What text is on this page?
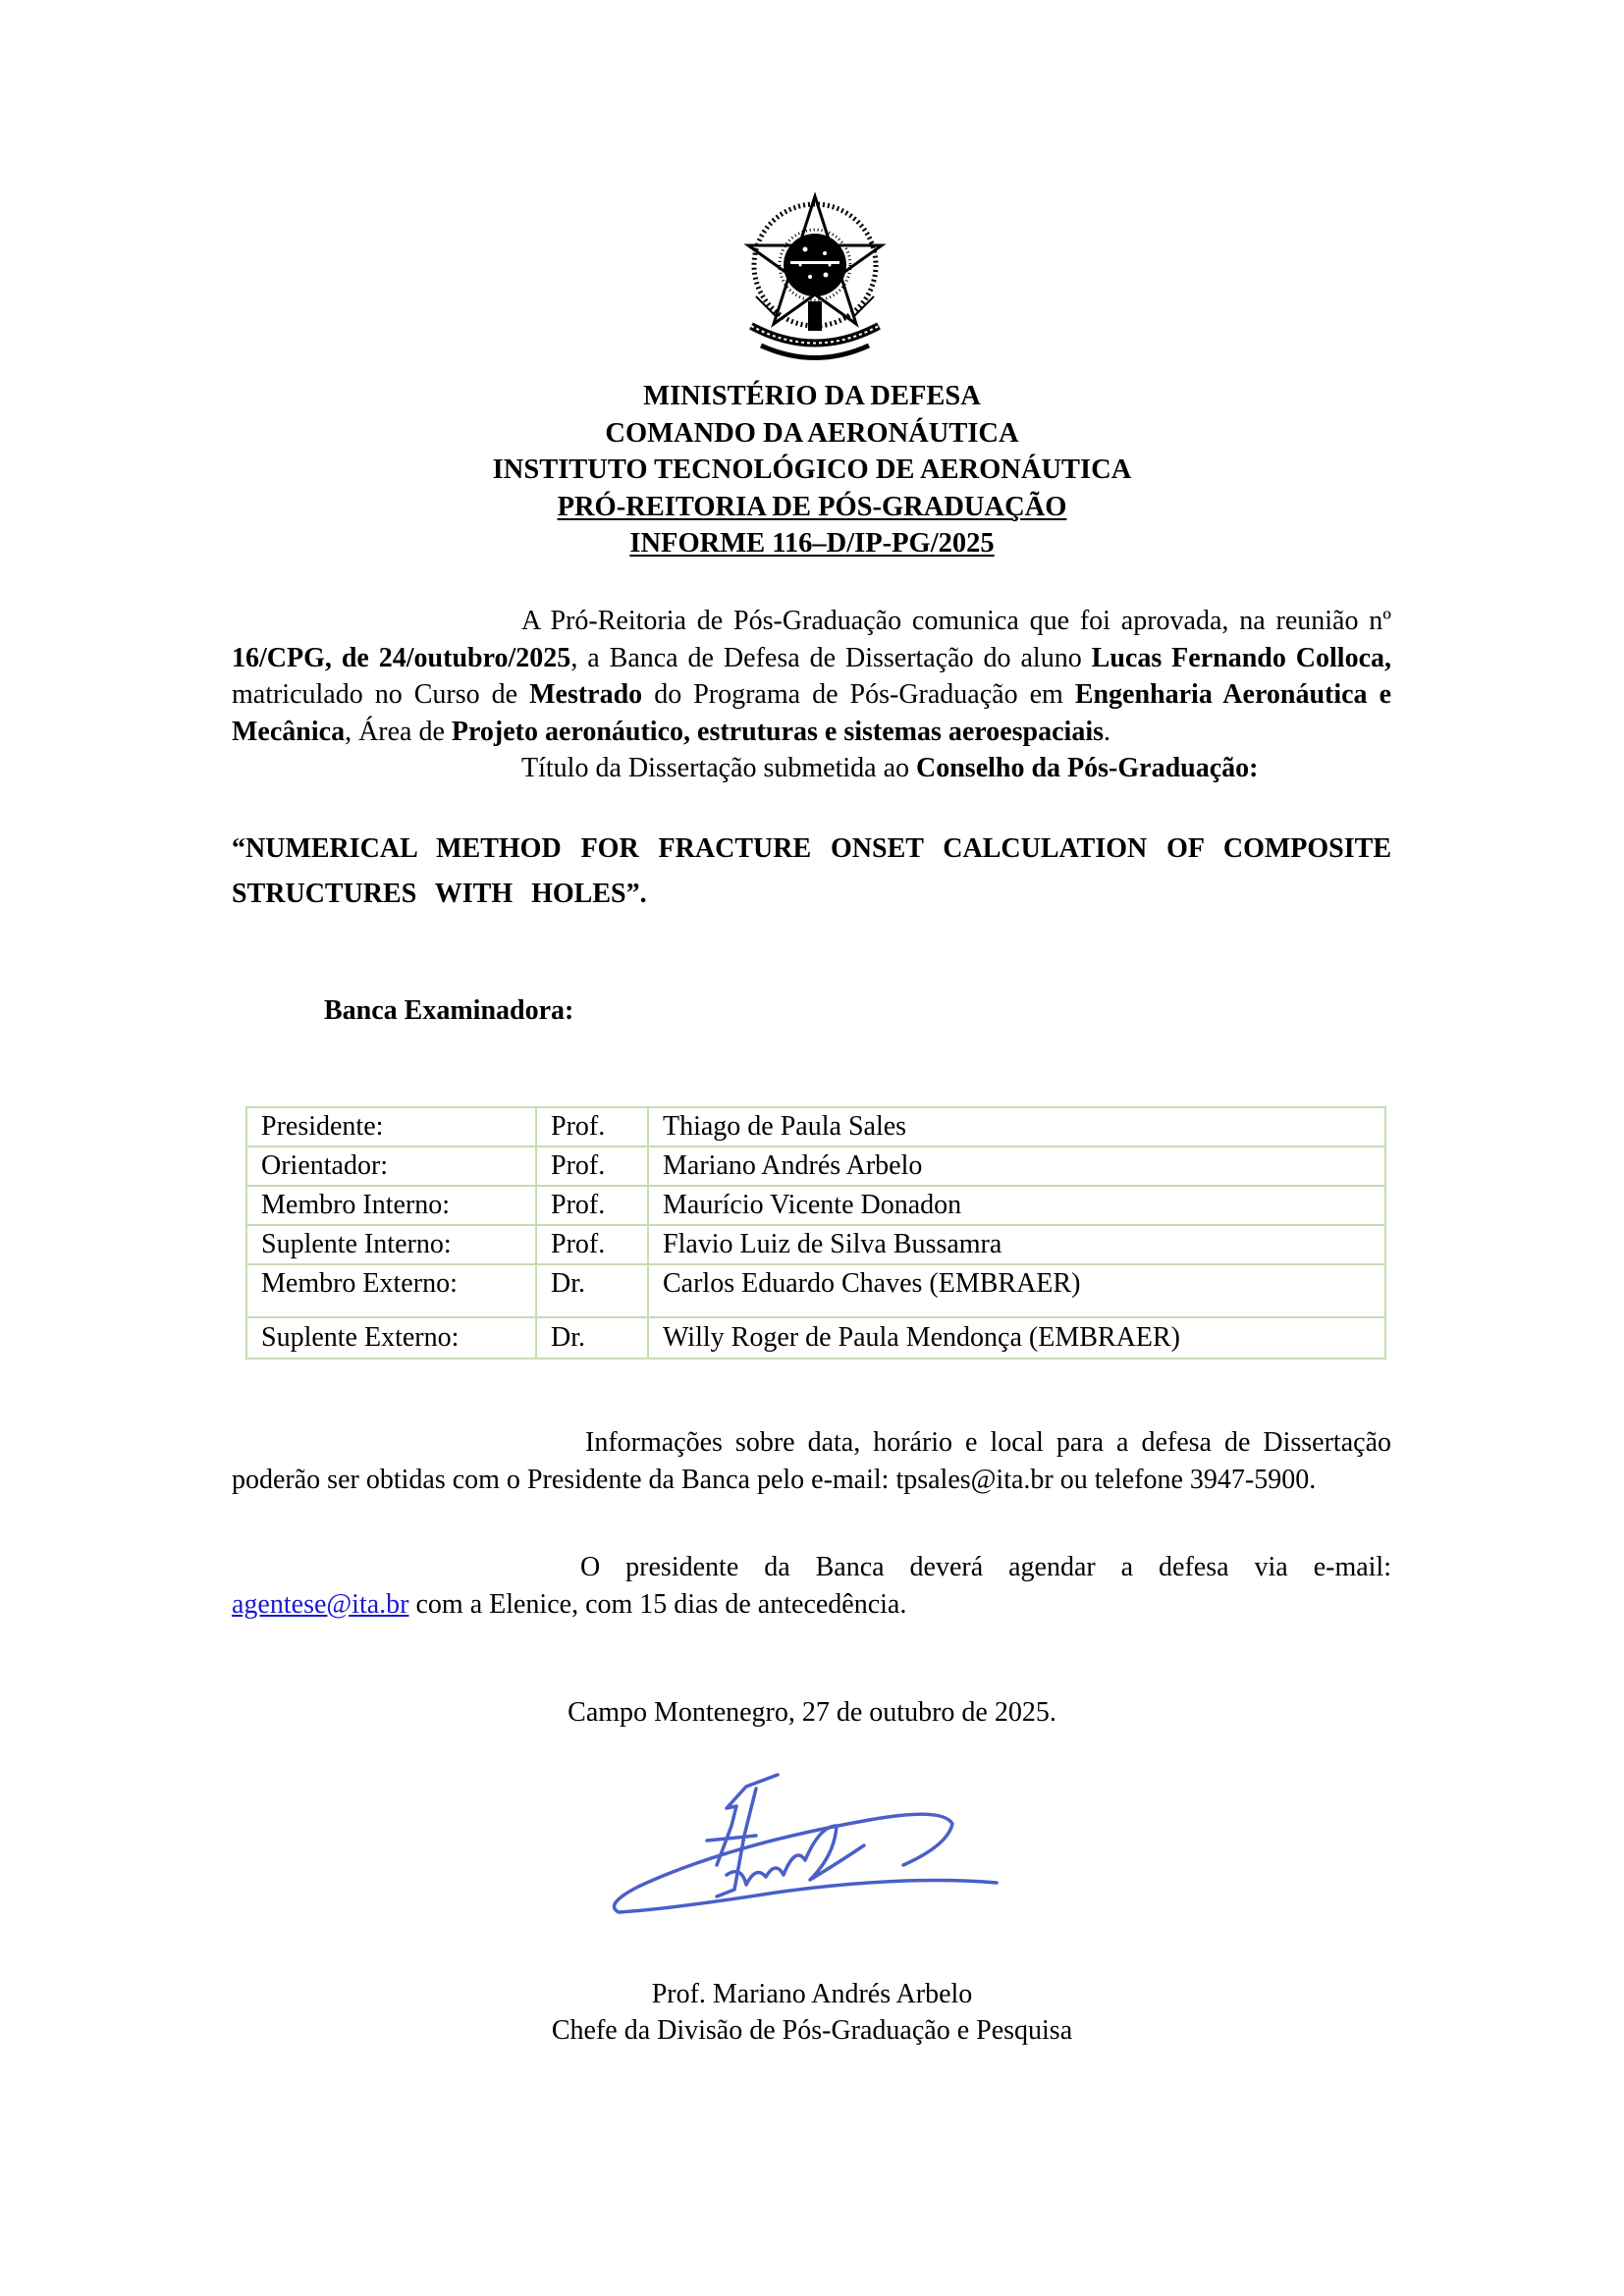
MINISTÉRIO DA DEFESA
COMANDO DA AERONÁUTICA
INSTITUTO TECNOLÓGICO DE AERONÁUTICA
PRÓ-REITORIA DE PÓS-GRADUAÇÃO
INFORME 116–D/IP-PG/2025
A Pró-Reitoria de Pós-Graduação comunica que foi aprovada, na reunião nº 16/CPG, de 24/outubro/2025, a Banca de Defesa de Dissertação do aluno Lucas Fernando Colloca, matriculado no Curso de Mestrado do Programa de Pós-Graduação em Engenharia Aeronáutica e Mecânica, Área de Projeto aeronáutico, estruturas e sistemas aeroespaciais.
Título da Dissertação submetida ao Conselho da Pós-Graduação:
“NUMERICAL METHOD FOR FRACTURE ONSET CALCULATION OF COMPOSITE STRUCTURES WITH HOLES”.
Banca Examinadora:
Presidente:	Prof.	Thiago de Paula Sales
Orientador:	Prof.	Mariano Andrés Arbelo
Membro Interno:	Prof.	Maurício Vicente Donadon
Suplente Interno:	Prof.	Flavio Luiz de Silva Bussamra
Membro Externo:	Dr.	Carlos Eduardo Chaves (EMBRAER)
Suplente Externo:	Dr.	Willy Roger de Paula Mendonça (EMBRAER)
Informações sobre data, horário e local para a defesa de Dissertação poderão ser obtidas com o Presidente da Banca pelo e-mail: tpsales@ita.br ou telefone 3947-5900.
O presidente da Banca deverá agendar a defesa via e-mail: agentese@ita.br com a Elenice, com 15 dias de antecedência.
Campo Montenegro, 27 de outubro de 2025.
Prof. Mariano Andrés Arbelo
Chefe da Divisão de Pós-Graduação e Pesquisa
